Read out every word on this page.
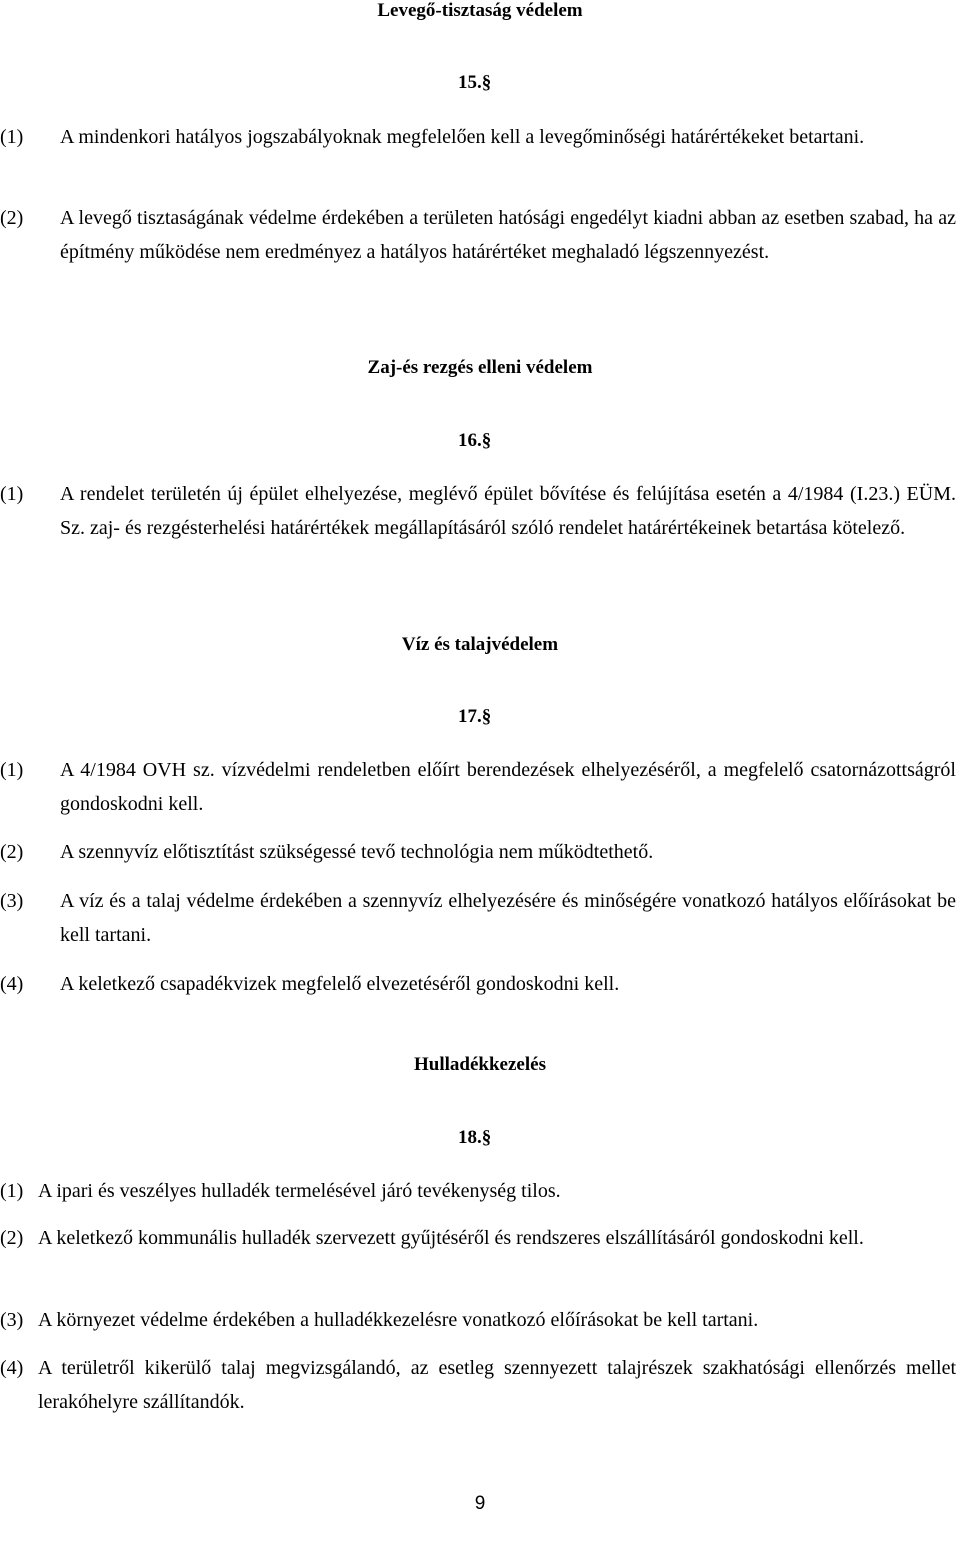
Levegő-tisztaság védelem
15.§
(1) A mindenkori hatályos jogszabályoknak megfelelően kell a levegőminőségi határértékeket betartani.
(2) A levegő tisztaságának védelme érdekében a területen hatósági engedélyt kiadni abban az esetben szabad, ha az építmény működése nem eredményez a hatályos határértéket meghaladó légszennyezést.
Zaj-és rezgés elleni védelem
16.§
(1) A rendelet területén új épület elhelyezése, meglévő épület bővítése és felújítása esetén a 4/1984 (I.23.) EÜM. Sz. zaj- és rezgésterhelési határértékek megállapításáról szóló rendelet határértékeinek betartása kötelező.
Víz és talajvédelem
17.§
(1) A 4/1984 OVH sz. vízvédelmi rendeletben előírt berendezések elhelyezéséről, a megfelelő csatornázottságról gondoskodni kell.
(2) A szennyvíz előtisztítást szükségessé tevő technológia nem működtethető.
(3) A víz és a talaj védelme érdekében a szennyvíz elhelyezésére és minőségére vonatkozó hatályos előírásokat be kell tartani.
(4) A keletkező csapadékvizek megfelelő elvezetéséről gondoskodni kell.
Hulladékkezelés
18.§
(1) A ipari és veszélyes hulladék termelésével járó tevékenység tilos.
(2) A keletkező kommunális hulladék szervezett gyűjtéséről és rendszeres elszállításáról gondoskodni kell.
(3) A környezet védelme érdekében a hulladékkezelésre vonatkozó előírásokat be kell tartani.
(4) A területről kikerülő talaj megvizsgálandó, az esetleg szennyezett talajrészek szakhatósági ellenőrzés mellet lerakóhelyre szállítandók.
9
